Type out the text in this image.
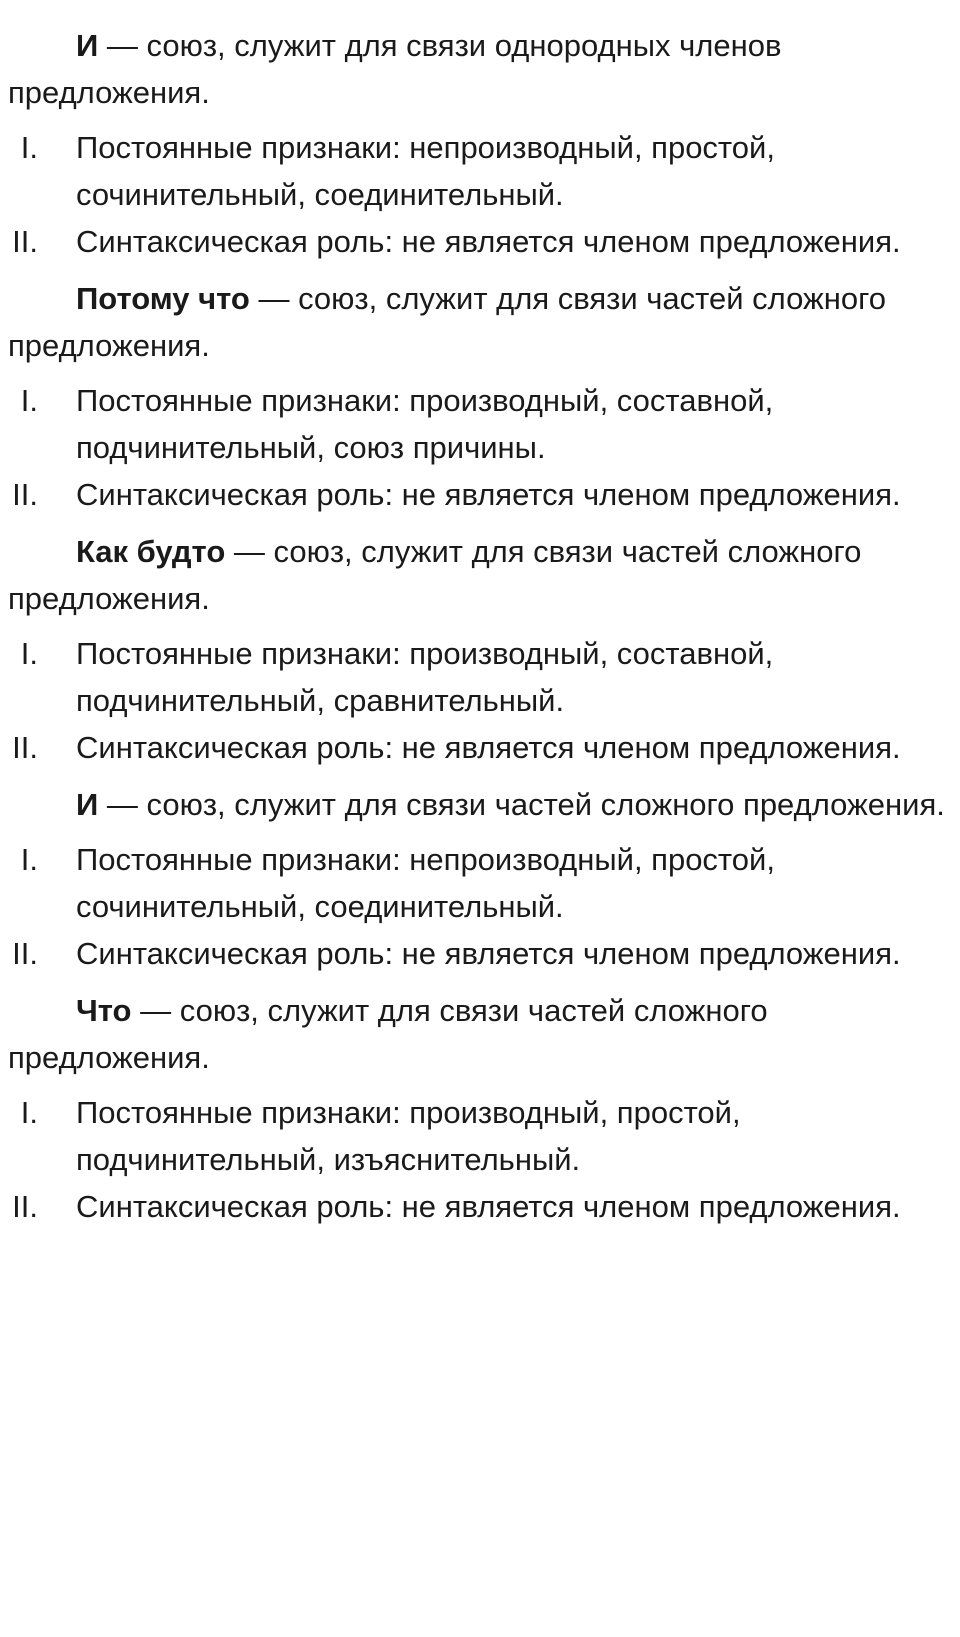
И — союз, служит для связи однородных членов предложения.

I. Постоянные признаки: непроизводный, простой, сочинительный, соединительный.
II. Синтаксическая роль: не является членом предложения.

Потому что — союз, служит для связи частей сложного предложения.

I. Постоянные признаки: производный, составной, подчинительный, союз причины.
II. Синтаксическая роль: не является членом предложения.

Как будто — союз, служит для связи частей сложного предложения.

I. Постоянные признаки: производный, составной, подчинительный, сравнительный.
II. Синтаксическая роль: не является членом предложения.

И — союз, служит для связи частей сложного предложения.

I. Постоянные признаки: непроизводный, простой, сочинительный, соединительный.
II. Синтаксическая роль: не является членом предложения.

Что — союз, служит для связи частей сложного предложения.

I. Постоянные признаки: производный, простой, подчинительный, изъяснительный.
II. Синтаксическая роль: не является членом предложения.
